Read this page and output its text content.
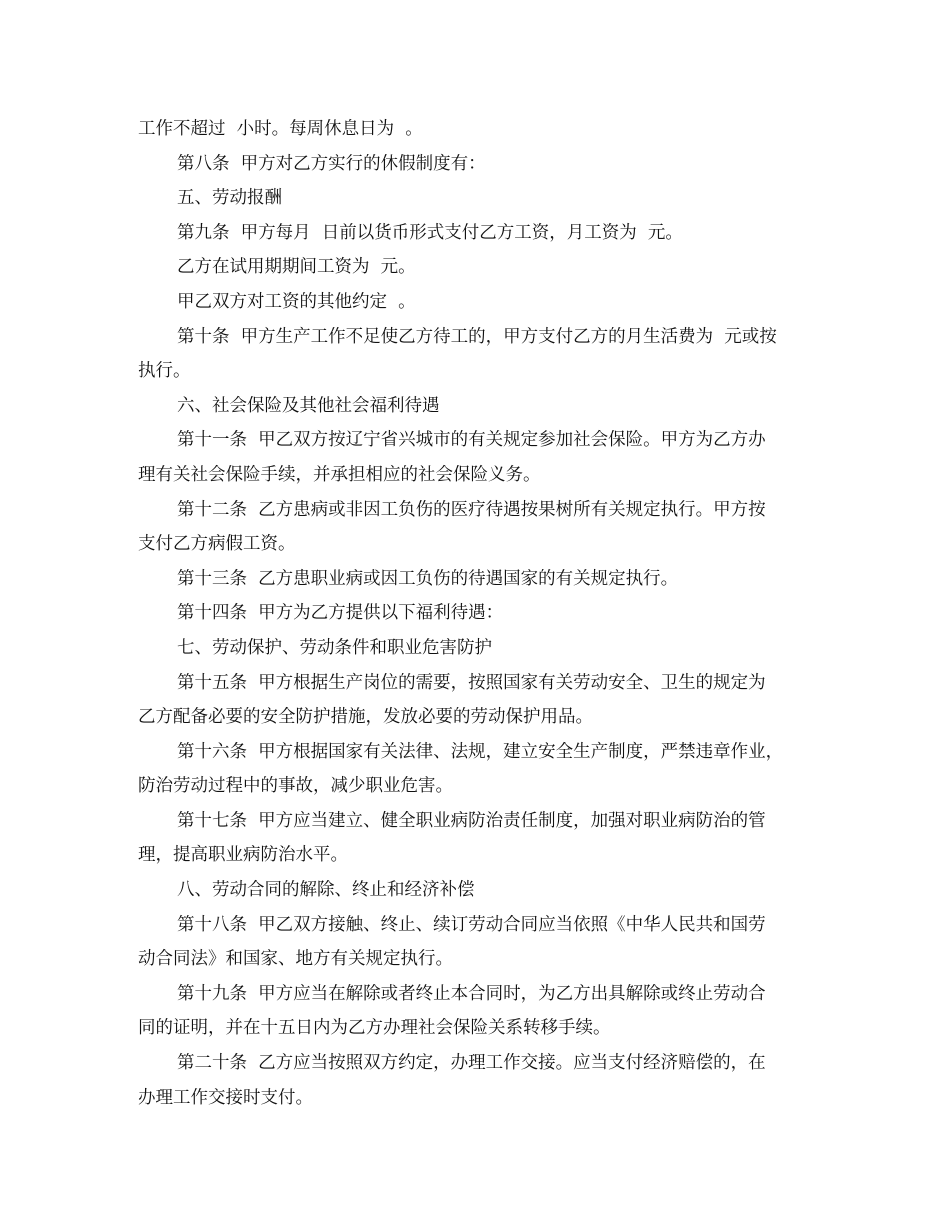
工作不超过  小时。每周休息日为  。
第八条  甲方对乙方实行的休假制度有：
五、劳动报酬
第九条  甲方每月  日前以货币形式支付乙方工资，月工资为  元。
乙方在试用期期间工资为  元。
甲乙双方对工资的其他约定  。
第十条  甲方生产工作不足使乙方待工的，甲方支付乙方的月生活费为  元或按
执行。
六、社会保险及其他社会福利待遇
第十一条  甲乙双方按辽宁省兴城市的有关规定参加社会保险。甲方为乙方办
理有关社会保险手续，并承担相应的社会保险义务。
第十二条  乙方患病或非因工负伤的医疗待遇按果树所有关规定执行。甲方按
支付乙方病假工资。
第十三条  乙方患职业病或因工负伤的待遇国家的有关规定执行。
第十四条  甲方为乙方提供以下福利待遇：
七、劳动保护、劳动条件和职业危害防护
第十五条  甲方根据生产岗位的需要，按照国家有关劳动安全、卫生的规定为
乙方配备必要的安全防护措施，发放必要的劳动保护用品。
第十六条  甲方根据国家有关法律、法规，建立安全生产制度，严禁违章作业，
防治劳动过程中的事故，减少职业危害。
第十七条  甲方应当建立、健全职业病防治责任制度，加强对职业病防治的管
理，提高职业病防治水平。
八、劳动合同的解除、终止和经济补偿
第十八条  甲乙双方接触、终止、续订劳动合同应当依照《中华人民共和国劳
动合同法》和国家、地方有关规定执行。
第十九条  甲方应当在解除或者终止本合同时，为乙方出具解除或终止劳动合
同的证明，并在十五日内为乙方办理社会保险关系转移手续。
第二十条  乙方应当按照双方约定，办理工作交接。应当支付经济赔偿的，在
办理工作交接时支付。
